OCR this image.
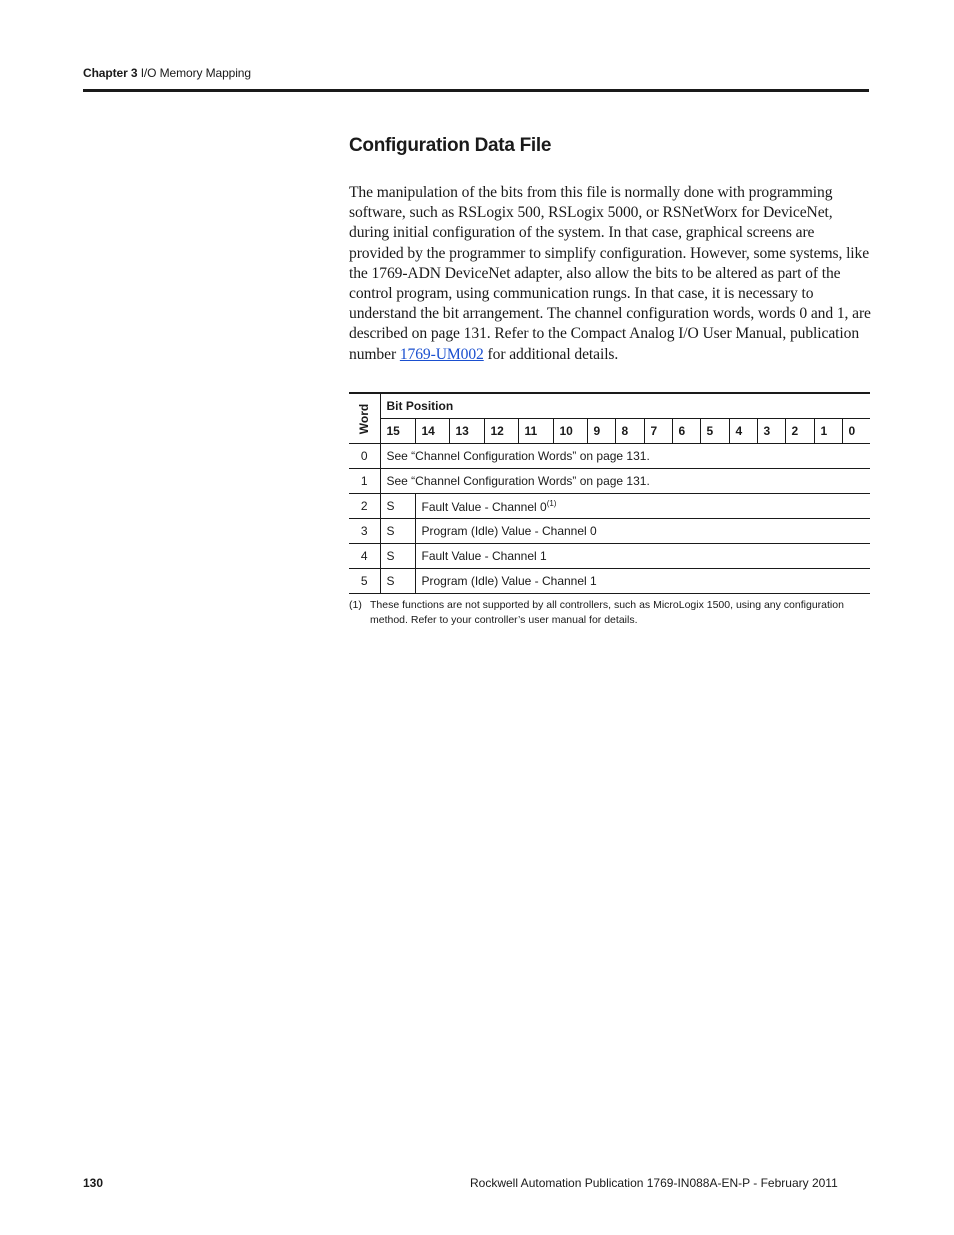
Chapter 3 I/O Memory Mapping
Configuration Data File

The manipulation of the bits from this file is normally done with programming software, such as RSLogix 500, RSLogix 5000, or RSNetWorx for DeviceNet, during initial configuration of the system. In that case, graphical screens are provided by the programmer to simplify configuration. However, some systems, like the 1769-ADN DeviceNet adapter, also allow the bits to be altered as part of the control program, using communication rungs. In that case, it is necessary to understand the bit arrangement. The channel configuration words, words 0 and 1, are described on page 131. Refer to the Compact Analog I/O User Manual, publication number 1769-UM002 for additional details.

Word	Bit Position															
	15	14	13	12	11	10	9	8	7	6	5	4	3	2	1	0
0	See “Channel Configuration Words” on page 131.															
1	See “Channel Configuration Words” on page 131.															
2	S	Fault Value - Channel 0$^{(1)}$
3	S	Program (Idle) Value - Channel 0														
4	S	Fault Value - Channel 1														
5	S	Program (Idle) Value - Channel 1														
(1) These functions are not supported by all controllers, such as MicroLogix 1500, using any configuration method. Refer to your controller’s user manual for details.
130	Rockwell Automation Publication 1769-IN088A-EN-P - February 2011
